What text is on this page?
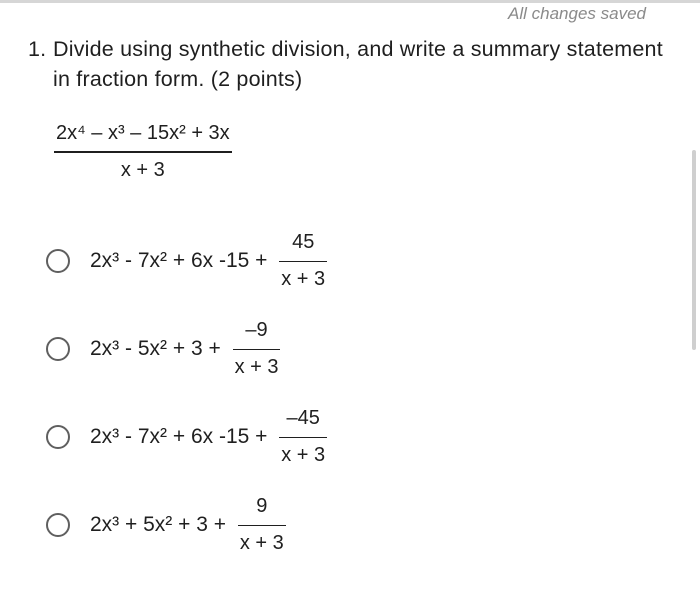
All changes saved
1. Divide using synthetic division, and write a summary statement in fraction form. (2 points)
2x⁴ – x³ – 15x² + 3x
x + 3
2x³ - 7x² + 6x $-15 + \frac{45}{x + 3}$
$2x^3 - 5x^2 + 3 + \frac{-9}{x + 3}$
2x³ - 7x² + 6x $-15 + \frac{-45}{x + 3}$
$2x^3 + 5x^2 + 3 + \frac{9}{x + 3}$
